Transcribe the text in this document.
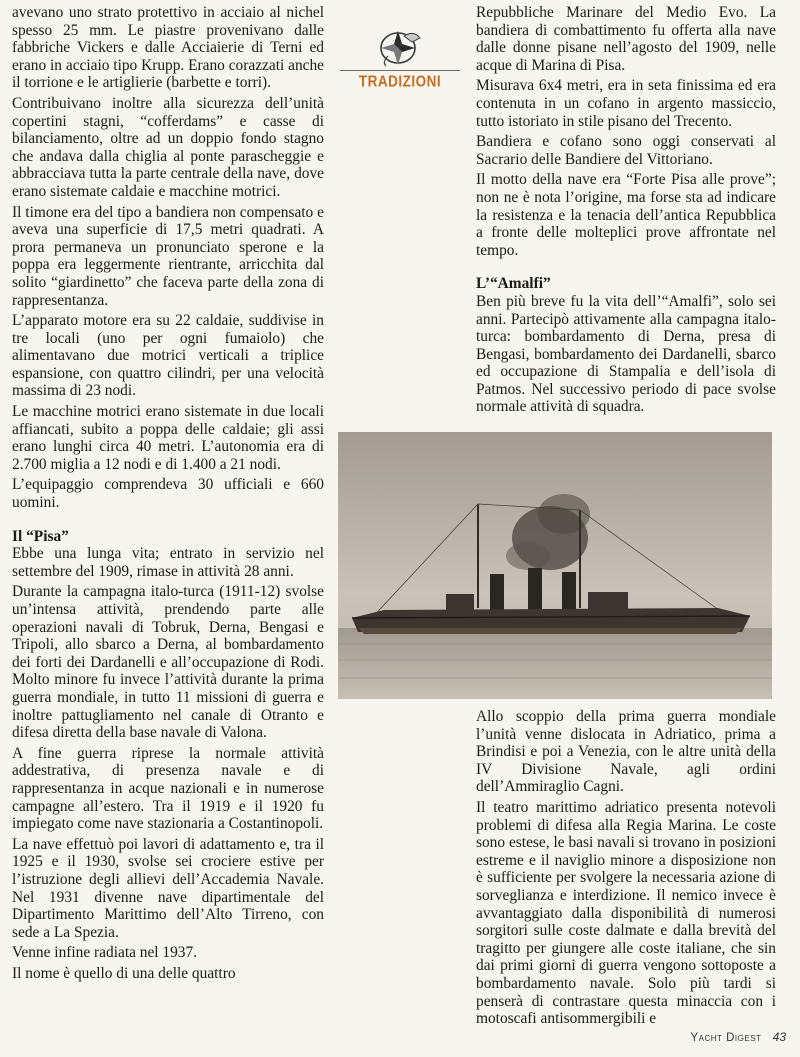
avevano uno strato protettivo in acciaio al nichel spesso 25 mm. Le piastre provenivano dalle fabbriche Vickers e dalle Acciaierie di Terni ed erano in acciaio tipo Krupp. Erano corazzati anche il torrione e le artiglierie (barbette e torri).

Contribuivano inoltre alla sicurezza dell’unità copertini stagni, “cofferdams” e casse di bilanciamento, oltre ad un doppio fondo stagno che andava dalla chiglia al ponte parascheggie e abbracciava tutta la parte centrale della nave, dove erano sistemate caldaie e macchine motrici.

Il timone era del tipo a bandiera non compensato e aveva una superficie di 17,5 metri quadrati. A prora permaneva un pronunciato sperone e la poppa era leggermente rientrante, arricchita dal solito “giardinetto” che faceva parte della zona di rappresentanza.

L’apparato motore era su 22 caldaie, suddivise in tre locali (uno per ogni fumaiolo) che alimentavano due motrici verticali a triplice espansione, con quattro cilindri, per una velocità massima di 23 nodi.

Le macchine motrici erano sistemate in due locali affiancati, subito a poppa delle caldaie; gli assi erano lunghi circa 40 metri. L’autonomia era di 2.700 miglia a 12 nodi e di 1.400 a 21 nodi.

L’equipaggio comprendeva 30 ufficiali e 660 uomini.

Il “Pisa”

Ebbe una lunga vita; entrato in servizio nel settembre del 1909, rimase in attività 28 anni.

Durante la campagna italo-turca (1911-12) svolse un’intensa attività, prendendo parte alle operazioni navali di Tobruk, Derna, Bengasi e Tripoli, allo sbarco a Derna, al bombardamento dei forti dei Dardanelli e all’occupazione di Rodi. Molto minore fu invece l’attività durante la prima guerra mondiale, in tutto 11 missioni di guerra e inoltre pattugliamento nel canale di Otranto e difesa diretta della base navale di Valona.

A fine guerra riprese la normale attività addestrativa, di presenza navale e di rappresentanza in acque nazionali e in numerose campagne all’estero. Tra il 1919 e il 1920 fu impiegato come nave stazionaria a Costantinopoli.

La nave effettuò poi lavori di adattamento e, tra il 1925 e il 1930, svolse sei crociere estive per l’istruzione degli allievi dell’Accademia Navale. Nel 1931 divenne nave dipartimentale del Dipartimento Marittimo dell’Alto Tirreno, con sede a La Spezia.

Venne infine radiata nel 1937.

Il nome è quello di una delle quattro

TRADIZIONI

Repubbliche Marinare del Medio Evo. La bandiera di combattimento fu offerta alla nave dalle donne pisane nell’agosto del 1909, nelle acque di Marina di Pisa.

Misurava 6x4 metri, era in seta finissima ed era contenuta in un cofano in argento massiccio, tutto istoriato in stile pisano del Trecento.

Bandiera e cofano sono oggi conservati al Sacrario delle Bandiere del Vittoriano.

Il motto della nave era “Forte Pisa alle prove”; non ne è nota l’origine, ma forse sta ad indicare la resistenza e la tenacia dell’antica Repubblica a fronte delle molteplici prove affrontate nel tempo.

L’“Amalfi”

Ben più breve fu la vita dell’“Amalfi”, solo sei anni. Partecipò attivamente alla campagna italo-turca: bombardamento di Derna, presa di Bengasi, bombardamento dei Dardanelli, sbarco ed occupazione di Stampalia e dell’isola di Patmos. Nel successivo periodo di pace svolse normale attività di squadra.

Allo scoppio della prima guerra mondiale l’unità venne dislocata in Adriatico, prima a Brindisi e poi a Venezia, con le altre unità della IV Divisione Navale, agli ordini dell’Ammiraglio Cagni.

Il teatro marittimo adriatico presenta notevoli problemi di difesa alla Regia Marina. Le coste sono estese, le basi navali si trovano in posizioni estreme e il naviglio minore a disposizione non è sufficiente per svolgere la necessaria azione di sorveglianza e interdizione. Il nemico invece è avvantaggiato dalla disponibilità di numerosi sorgitori sulle coste dalmate e dalla brevità del tragitto per giungere alle coste italiane, che sin dai primi giorni di guerra vengono sottoposte a bombardamento navale. Solo più tardi si penserà di contrastare questa minaccia con i motoscafi antisommergibili e

Yacht Digest 43
